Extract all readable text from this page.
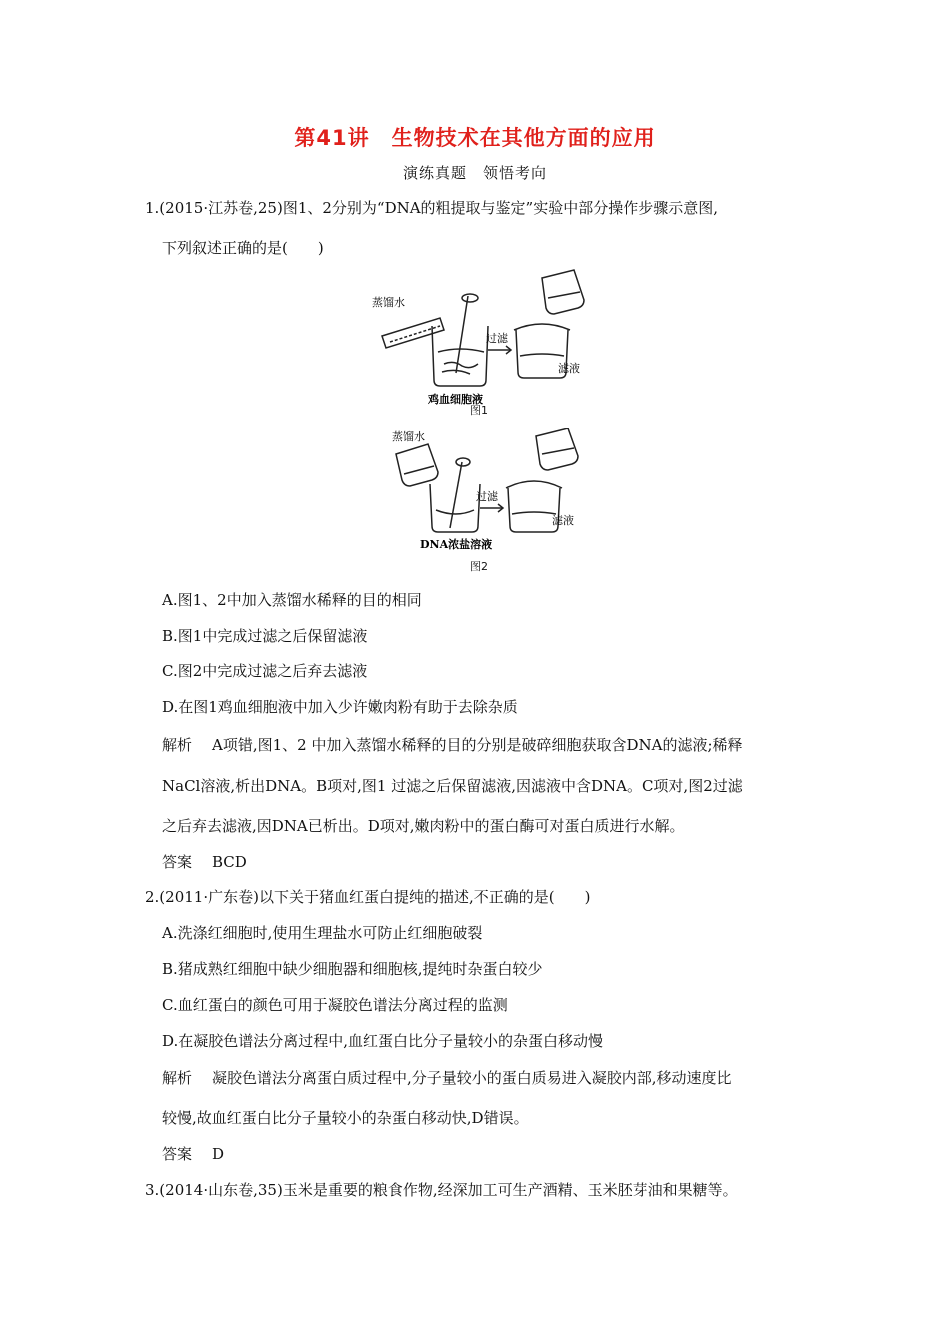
第41讲　生物技术在其他方面的应用
演练真题　领悟考向
1.(2015·江苏卷,25)图1、2分别为“DNA的粗提取与鉴定”实验中部分操作步骤示意图,
下列叙述正确的是(　　)
蒸馏水
过滤
滤液
鸡血细胞液
图1
蒸馏水
过滤
滤液
DNA浓盐溶液
图2
A.图1、2中加入蒸馏水稀释的目的相同
B.图1中完成过滤之后保留滤液
C.图2中完成过滤之后弃去滤液
D.在图1鸡血细胞液中加入少许嫩肉粉有助于去除杂质
解析 A项错,图1、2 中加入蒸馏水稀释的目的分别是破碎细胞获取含DNA的滤液;稀释
NaCl溶液,析出DNA。B项对,图1 过滤之后保留滤液,因滤液中含DNA。C项对,图2过滤
之后弃去滤液,因DNA已析出。D项对,嫩肉粉中的蛋白酶可对蛋白质进行水解。
答案 BCD
2.(2011·广东卷)以下关于猪血红蛋白提纯的描述,不正确的是(　　)
A.洗涤红细胞时,使用生理盐水可防止红细胞破裂
B.猪成熟红细胞中缺少细胞器和细胞核,提纯时杂蛋白较少
C.血红蛋白的颜色可用于凝胶色谱法分离过程的监测
D.在凝胶色谱法分离过程中,血红蛋白比分子量较小的杂蛋白移动慢
解析 凝胶色谱法分离蛋白质过程中,分子量较小的蛋白质易进入凝胶内部,移动速度比
较慢,故血红蛋白比分子量较小的杂蛋白移动快,D错误。
答案 D
3.(2014·山东卷,35)玉米是重要的粮食作物,经深加工可生产酒精、玉米胚芽油和果糖等。
